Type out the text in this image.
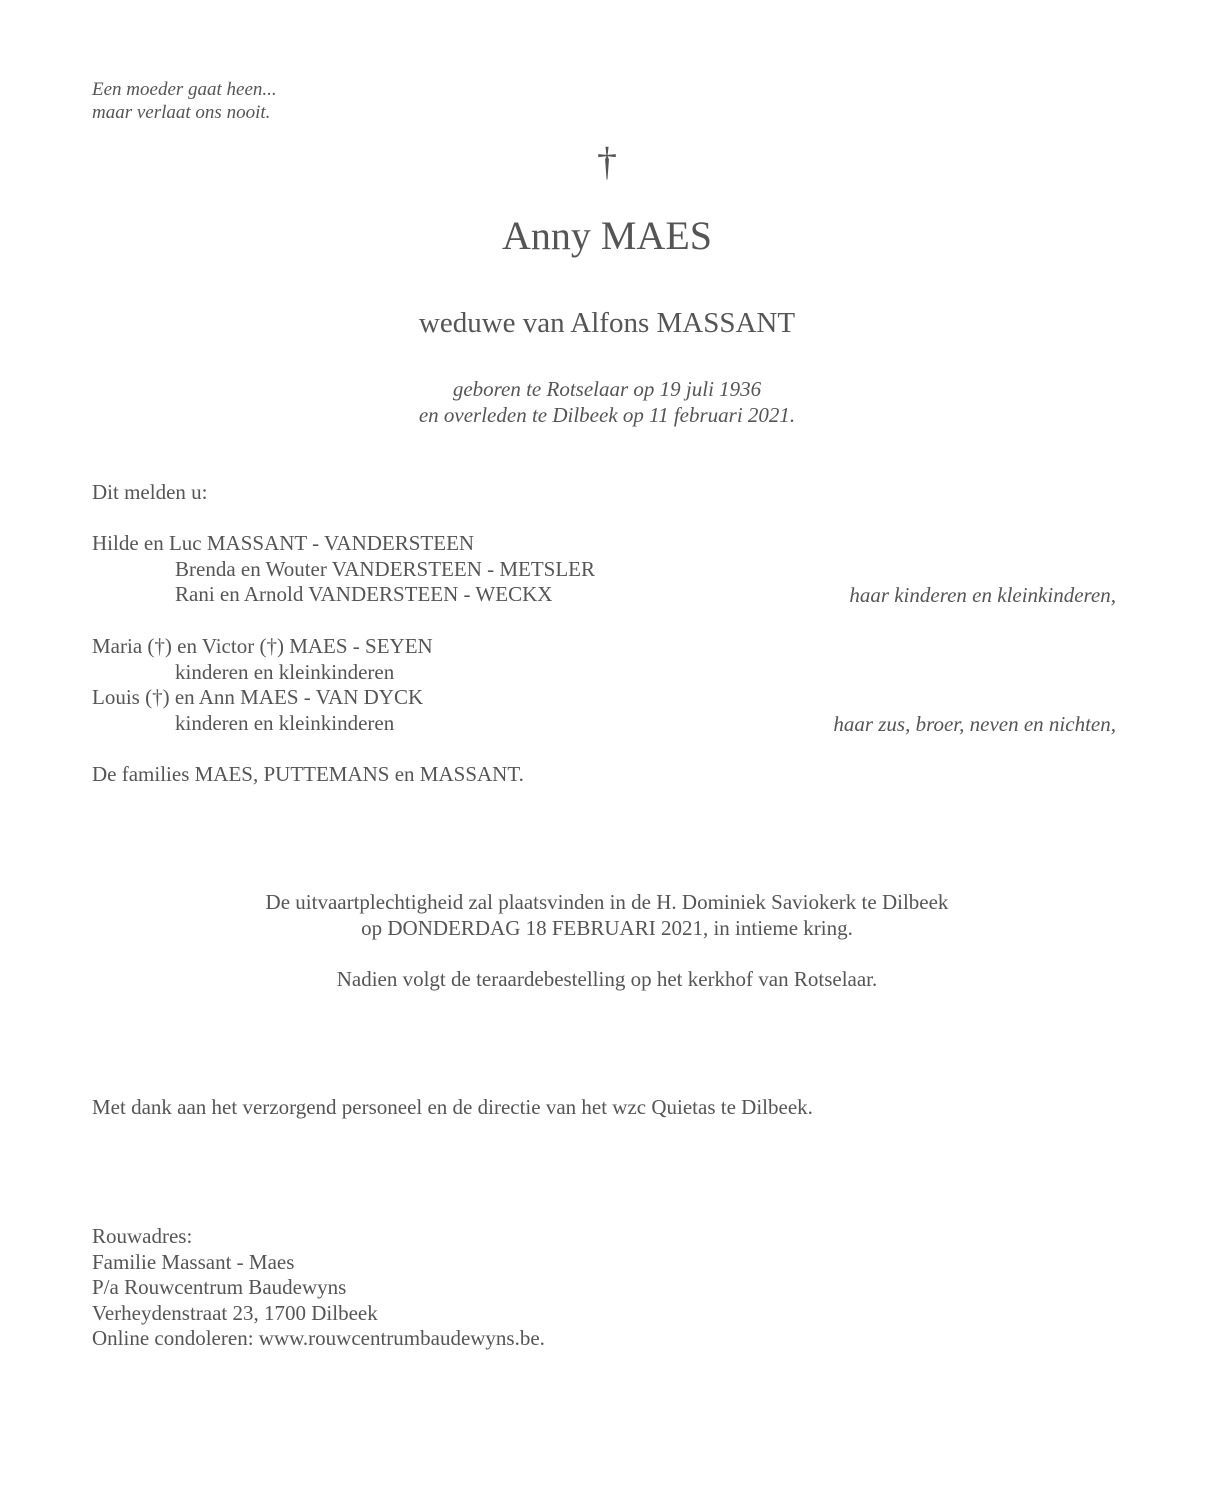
Een moeder gaat heen...
maar verlaat ons nooit.
†
Anny MAES
weduwe van Alfons MASSANT
geboren te Rotselaar op 19 juli 1936
en overleden te Dilbeek op 11 februari 2021.
Dit melden u:
Hilde en Luc MASSANT - VANDERSTEEN
Brenda en Wouter VANDERSTEEN - METSLER
Rani en Arnold VANDERSTEEN - WECKX	haar kinderen en kleinkinderen,
Maria (†) en Victor (†) MAES - SEYEN
kinderen en kleinkinderen
Louis (†) en Ann MAES - VAN DYCK
kinderen en kleinkinderen	haar zus, broer, neven en nichten,
De families MAES, PUTTEMANS en MASSANT.
De uitvaartplechtigheid zal plaatsvinden in de H. Dominiek Saviokerk te Dilbeek
op DONDERDAG 18 FEBRUARI 2021, in intieme kring.
Nadien volgt de teraardebestelling op het kerkhof van Rotselaar.
Met dank aan het verzorgend personeel en de directie van het wzc Quietas te Dilbeek.
Rouwadres:
Familie Massant - Maes
P/a Rouwcentrum Baudewyns
Verheydenstraat 23, 1700 Dilbeek
Online condoleren: www.rouwcentrumbaudewyns.be.
